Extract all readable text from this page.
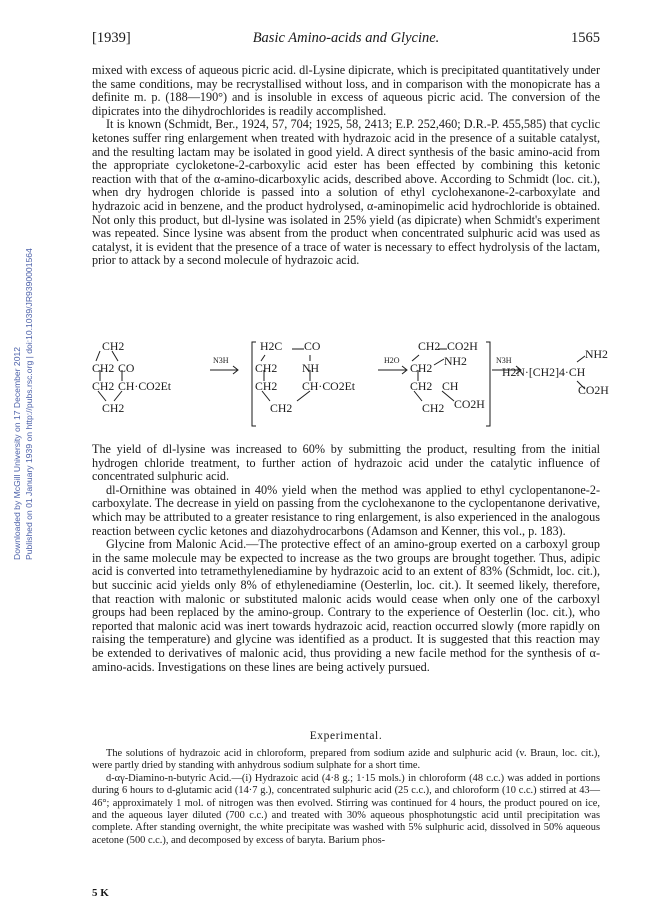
Downloaded by McGill University on 17 December 2012 Published on 01 January 1939 on http://pubs.rsc.org | doi:10.1039/JR9390001564
[1939]	Basic Amino-acids and Glycine.	1565

mixed with excess of aqueous picric acid. dl-Lysine dipicrate, which is precipitated quantitatively under the same conditions, may be recrystallised without loss, and in comparison with the monopicrate has a definite m. p. (188—190°) and is insoluble in excess of aqueous picric acid. The conversion of the dipicrates into the dihydrochlorides is readily accomplished.

It is known (Schmidt, Ber., 1924, 57, 704; 1925, 58, 2413; E.P. 252,460; D.R.-P. 455,585) that cyclic ketones suffer ring enlargement when treated with hydrazoic acid in the presence of a suitable catalyst, and the resulting lactam may be isolated in good yield. A direct synthesis of the basic amino-acid from the appropriate cycloketone-2-carboxylic acid ester has been effected by combining this ketonic reaction with that of the α-amino-dicarboxylic acids, described above. According to Schmidt (loc. cit.), when dry hydrogen chloride is passed into a solution of ethyl cyclohexanone-2-carboxylate and hydrazoic acid in benzene, and the product hydrolysed, α-aminopimelic acid hydrochloride is obtained. Not only this product, but dl-lysine was isolated in 25% yield (as dipicrate) when Schmidt's experiment was repeated. Since lysine was absent from the product when concentrated sulphuric acid was used as catalyst, it is evident that the presence of a trace of water is necessary to effect hydrolysis of the lactam, prior to attack by a second molecule of hydrazoic acid.

CH2
CH2 CO
CH2 CH·CO2Et
CH2
N3H
H2C CO
CH2 NH
CH2 CH·CO2Et
CH2
H2O
CH2 CO2H
CH2 NH2
CH2 CH
CO2H
CH2
N3H	NH2
H2N·[CH2]4·CH
CO2H

The yield of dl-lysine was increased to 60% by submitting the product, resulting from the initial hydrogen chloride treatment, to further action of hydrazoic acid under the catalytic influence of concentrated sulphuric acid.

dl-Ornithine was obtained in 40% yield when the method was applied to ethyl cyclopentanone-2-carboxylate. The decrease in yield on passing from the cyclohexanone to the cyclopentanone derivative, which may be attributed to a greater resistance to ring enlargement, is also experienced in the analogous reaction between cyclic ketones and diazohydrocarbons (Adamson and Kenner, this vol., p. 183).

Glycine from Malonic Acid.—The protective effect of an amino-group exerted on a carboxyl group in the same molecule may be expected to increase as the two groups are brought together. Thus, adipic acid is converted into tetramethylenediamine by hydrazoic acid to an extent of 83% (Schmidt, loc. cit.), but succinic acid yields only 8% of ethylenediamine (Oesterlin, loc. cit.). It seemed likely, therefore, that reaction with malonic or substituted malonic acids would cease when only one of the carboxyl groups had been replaced by the amino-group. Contrary to the experience of Oesterlin (loc. cit.), who reported that malonic acid was inert towards hydrazoic acid, reaction occurred slowly (more rapidly on raising the temperature) and glycine was identified as a product. It is suggested that this reaction may be extended to derivatives of malonic acid, thus providing a new facile method for the synthesis of α-amino-acids. Investigations on these lines are being actively pursued.

Experimental.

The solutions of hydrazoic acid in chloroform, prepared from sodium azide and sulphuric acid (v. Braun, loc. cit.), were partly dried by standing with anhydrous sodium sulphate for a short time.

d-αγ-Diamino-n-butyric Acid.—(i) Hydrazoic acid (4·8 g.; 1·15 mols.) in chloroform (48 c.c.) was added in portions during 6 hours to d-glutamic acid (14·7 g.), concentrated sulphuric acid (25 c.c.), and chloroform (10 c.c.) stirred at 43—46°; approximately 1 mol. of nitrogen was then evolved. Stirring was continued for 4 hours, the product poured on ice, and the aqueous layer diluted (700 c.c.) and treated with 30% aqueous phosphotungstic acid until precipitation was complete. After standing overnight, the white precipitate was washed with 5% sulphuric acid, dissolved in 50% aqueous acetone (500 c.c.), and decomposed by excess of baryta. Barium phos-

5 K
